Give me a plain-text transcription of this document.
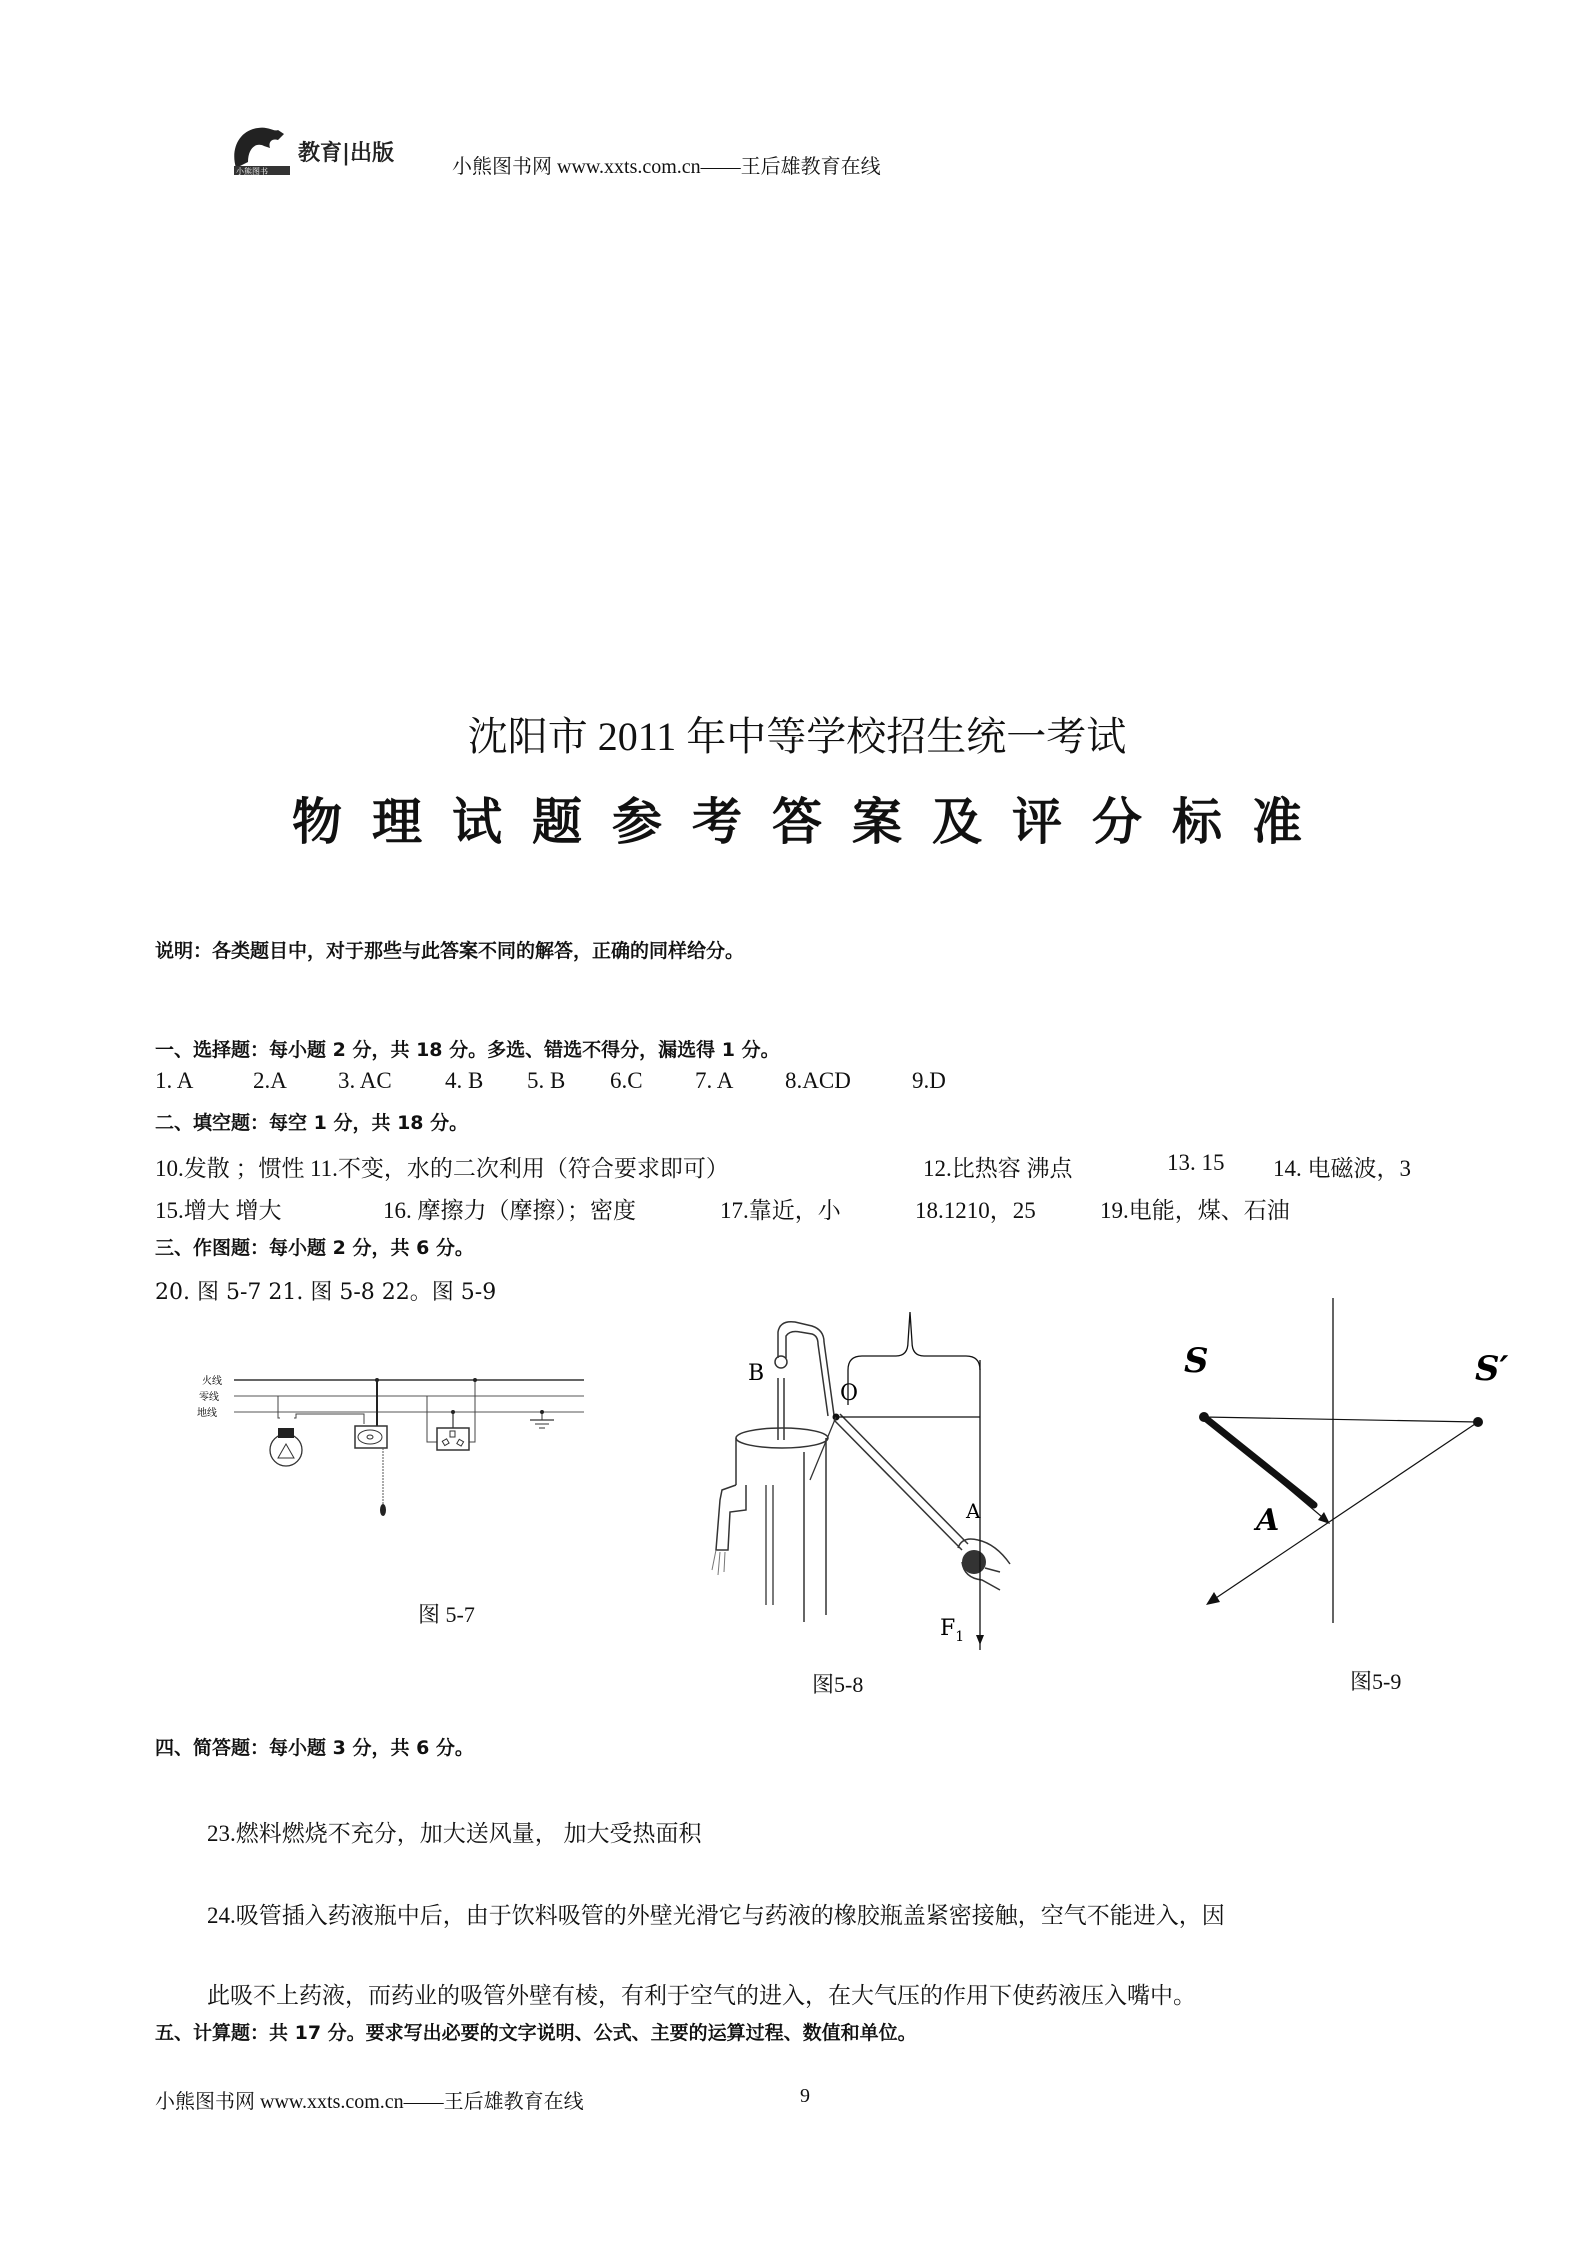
小熊图书
教育|出版
小熊图书网 www.xxts.com.cn——王后雄教育在线
沈阳市 2011 年中等学校招生统一考试
物理试题参考答案及评分标准
说明：各类题目中，对于那些与此答案不同的解答，正确的同样给分。
一、选择题：每小题 2 分，共 18 分。多选、错选不得分，漏选得 1 分。
1. A	2.A 3. AC 4. B 5. B 6.C 7. A 8.ACD	9.D
二、填空题：每空 1 分，共 18 分。
10.发散 ；惯性 11.不变，水的二次利用（符合要求即可）	12.比热容 沸点	13. 15 14. 电磁波，3
15.增大 增大	16. 摩擦力（摩擦）；密度	17.靠近，小	18.1210，25	19.电能，煤、石油
三、作图题：每小题 2 分，共 6 分。
20. 图 5-7 21. 图 5-8 22。图 5-9
火线
零线
地线
图 5-7
B
O
A
$F_1$
图5-8
S	S′
A
图5-9
四、简答题：每小题 3 分，共 6 分。
23.燃料燃烧不充分，加大送风量， 加大受热面积
24.吸管插入药液瓶中后，由于饮料吸管的外壁光滑它与药液的橡胶瓶盖紧密接触，空气不能进入，因
此吸不上药液，而药业的吸管外壁有棱，有利于空气的进入，在大气压的作用下使药液压入嘴中。
五、计算题：共 17 分。要求写出必要的文字说明、公式、主要的运算过程、数值和单位。
小熊图书网 www.xxts.com.cn——王后雄教育在线	9
